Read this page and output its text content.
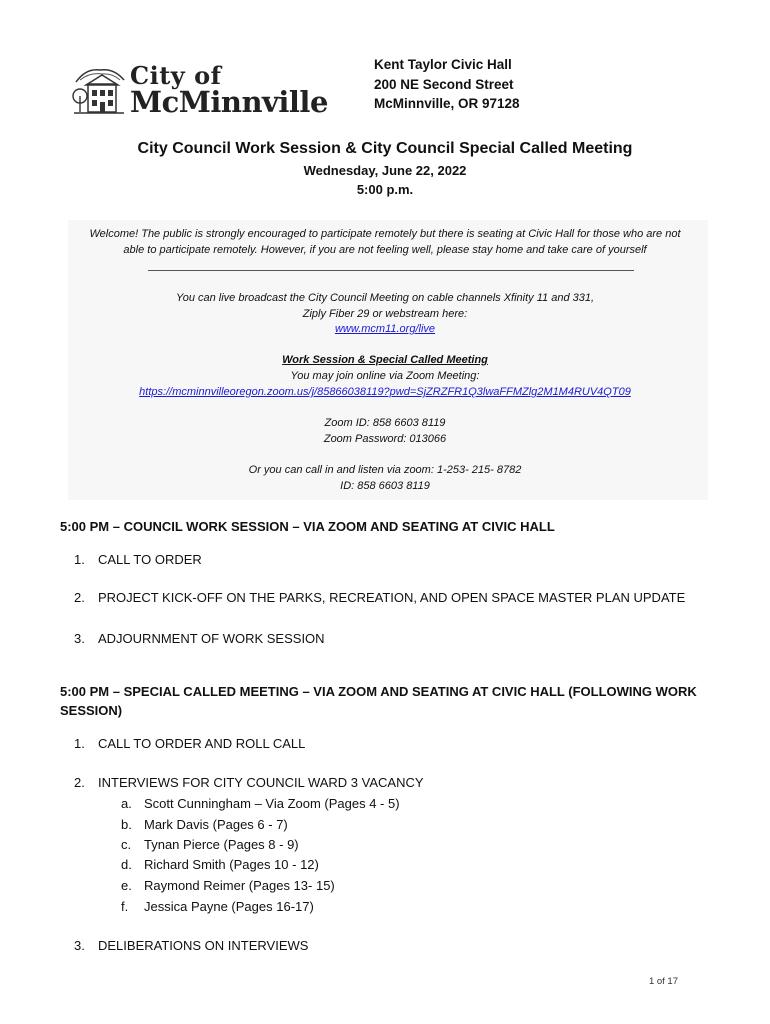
City of
McMinnville
Kent Taylor Civic Hall
200 NE Second Street
McMinnville, OR 97128
City Council Work Session & City Council Special Called Meeting
Wednesday, June 22, 2022
5:00 p.m.
Welcome! The public is strongly encouraged to participate remotely but there is seating at Civic Hall for those who are not
able to participate remotely. However, if you are not feeling well, please stay home and take care of yourself
You can live broadcast the City Council Meeting on cable channels Xfinity 11 and 331,
Ziply Fiber 29 or webstream here:
www.mcm11.org/live
Work Session & Special Called Meeting
You may join online via Zoom Meeting:
https://mcminnvilleoregon.zoom.us/j/85866038119?pwd=SjZRZFR1Q3lwaFFMZlg2M1M4RUV4QT09
Zoom ID: 858 6603 8119
Zoom Password: 013066
Or you can call in and listen via zoom: 1-253- 215- 8782
ID: 858 6603 8119
5:00 PM – COUNCIL WORK SESSION – VIA ZOOM AND SEATING AT CIVIC HALL
1. CALL TO ORDER
2. PROJECT KICK-OFF ON THE PARKS, RECREATION, AND OPEN SPACE MASTER PLAN UPDATE
3. ADJOURNMENT OF WORK SESSION
5:00 PM – SPECIAL CALLED MEETING – VIA ZOOM AND SEATING AT CIVIC HALL (FOLLOWING WORK
SESSION)
1. CALL TO ORDER AND ROLL CALL
2. INTERVIEWS FOR CITY COUNCIL WARD 3 VACANCY
a. Scott Cunningham – Via Zoom (Pages 4 - 5)
b. Mark Davis (Pages 6 - 7)
c. Tynan Pierce (Pages 8 - 9)
d. Richard Smith (Pages 10 - 12)
e. Raymond Reimer (Pages 13- 15)
f. Jessica Payne (Pages 16-17)
3. DELIBERATIONS ON INTERVIEWS
1 of 17
